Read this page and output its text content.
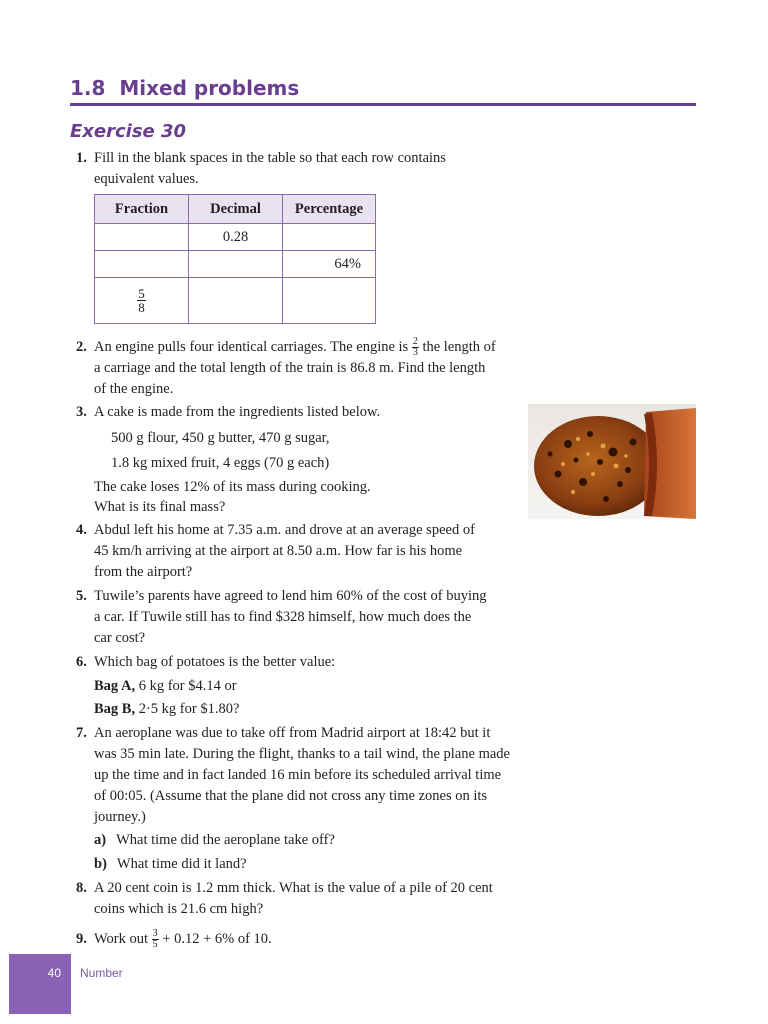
1.8 Mixed problems
Exercise 30
1. Fill in the blank spaces in the table so that each row contains

equivalent values.

Fraction	Decimal	Percentage
	0.28	
		64%

$\frac{5}{8}$

2. An engine pulls four identical carriages. The engine is $\frac{2}{3}$ the length of

a carriage and the total length of the train is 86.8 m. Find the length

of the engine.

3. A cake is made from the ingredients listed below.

500 g flour, 450 g butter, 470 g sugar,

1.8 kg mixed fruit, 4 eggs (70 g each)

The cake loses 12% of its mass during cooking.

What is its final mass?

4. Abdul left his home at 7.35 a.m. and drove at an average speed of

45 km/h arriving at the airport at 8.50 a.m. How far is his home

from the airport?

5. Tuwile’s parents have agreed to lend him 60% of the cost of buying

a car. If Tuwile still has to find $328 himself, how much does the

car cost?

6. Which bag of potatoes is the better value:

Bag A, 6 kg for $4.14 or

Bag B, 2·5 kg for $1.80?

7. An aeroplane was due to take off from Madrid airport at 18:42 but it

was 35 min late. During the flight, thanks to a tail wind, the plane made

up the time and in fact landed 16 min before its scheduled arrival time

of 00:05. (Assume that the plane did not cross any time zones on its

journey.)

a) What time did the aeroplane take off?

b) What time did it land?

8. A 20 cent coin is 1.2 mm thick. What is the value of a pile of 20 cent

coins which is 21.6 cm high?

9. Work out $\frac{3}{5} + 0.12 + 6\%$ of 10.

40 Number
